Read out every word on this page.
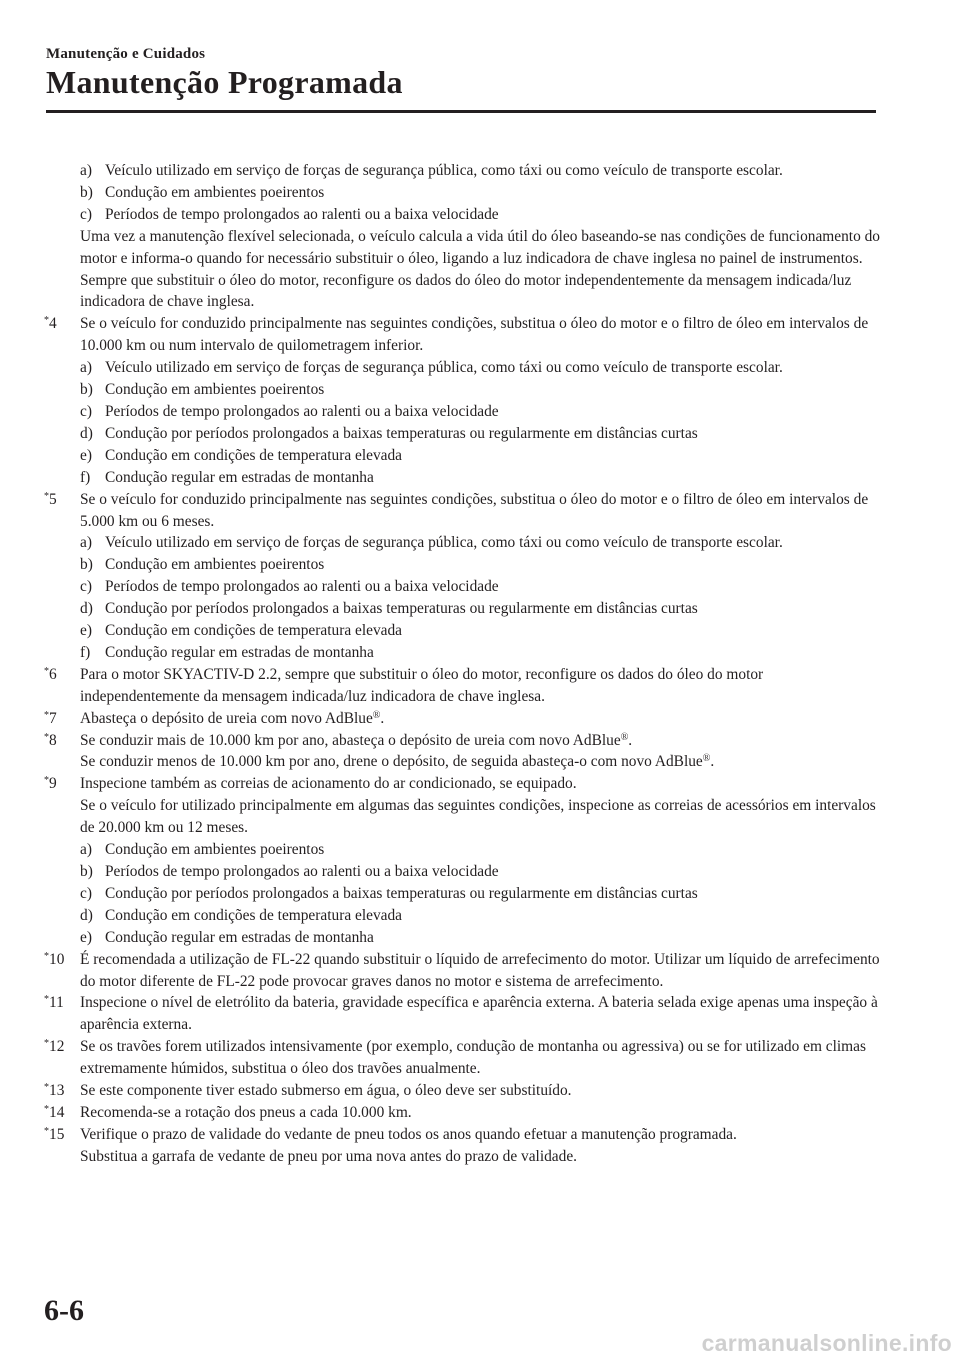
Manutenção e Cuidados
Manutenção Programada
a) Veículo utilizado em serviço de forças de segurança pública, como táxi ou como veículo de transporte escolar.
b) Condução em ambientes poeirentos
c) Períodos de tempo prolongados ao ralenti ou a baixa velocidade
Uma vez a manutenção flexível selecionada, o veículo calcula a vida útil do óleo baseando-se nas condições de funcionamento do motor e informa-o quando for necessário substituir o óleo, ligando a luz indicadora de chave inglesa no painel de instrumentos.
Sempre que substituir o óleo do motor, reconfigure os dados do óleo do motor independentemente da mensagem indicada/luz indicadora de chave inglesa.
*4 Se o veículo for conduzido principalmente nas seguintes condições, substitua o óleo do motor e o filtro de óleo em intervalos de 10.000 km ou num intervalo de quilometragem inferior.
a) Veículo utilizado em serviço de forças de segurança pública, como táxi ou como veículo de transporte escolar.
b) Condução em ambientes poeirentos
c) Períodos de tempo prolongados ao ralenti ou a baixa velocidade
d) Condução por períodos prolongados a baixas temperaturas ou regularmente em distâncias curtas
e) Condução em condições de temperatura elevada
f) Condução regular em estradas de montanha
*5 Se o veículo for conduzido principalmente nas seguintes condições, substitua o óleo do motor e o filtro de óleo em intervalos de 5.000 km ou 6 meses.
a) Veículo utilizado em serviço de forças de segurança pública, como táxi ou como veículo de transporte escolar.
b) Condução em ambientes poeirentos
c) Períodos de tempo prolongados ao ralenti ou a baixa velocidade
d) Condução por períodos prolongados a baixas temperaturas ou regularmente em distâncias curtas
e) Condução em condições de temperatura elevada
f) Condução regular em estradas de montanha
*6 Para o motor SKYACTIV-D 2.2, sempre que substituir o óleo do motor, reconfigure os dados do óleo do motor independentemente da mensagem indicada/luz indicadora de chave inglesa.
*7 Abasteça o depósito de ureia com novo AdBlue®.
*8 Se conduzir mais de 10.000 km por ano, abasteça o depósito de ureia com novo AdBlue®.
Se conduzir menos de 10.000 km por ano, drene o depósito, de seguida abasteça-o com novo AdBlue®.
*9 Inspecione também as correias de acionamento do ar condicionado, se equipado.
Se o veículo for utilizado principalmente em algumas das seguintes condições, inspecione as correias de acessórios em intervalos de 20.000 km ou 12 meses.
a) Condução em ambientes poeirentos
b) Períodos de tempo prolongados ao ralenti ou a baixa velocidade
c) Condução por períodos prolongados a baixas temperaturas ou regularmente em distâncias curtas
d) Condução em condições de temperatura elevada
e) Condução regular em estradas de montanha
*10 É recomendada a utilização de FL-22 quando substituir o líquido de arrefecimento do motor. Utilizar um líquido de arrefecimento do motor diferente de FL-22 pode provocar graves danos no motor e sistema de arrefecimento.
*11 Inspecione o nível de eletrólito da bateria, gravidade específica e aparência externa. A bateria selada exige apenas uma inspeção à aparência externa.
*12 Se os travões forem utilizados intensivamente (por exemplo, condução de montanha ou agressiva) ou se for utilizado em climas extremamente húmidos, substitua o óleo dos travões anualmente.
*13 Se este componente tiver estado submerso em água, o óleo deve ser substituído.
*14 Recomenda-se a rotação dos pneus a cada 10.000 km.
*15 Verifique o prazo de validade do vedante de pneu todos os anos quando efetuar a manutenção programada.
Substitua a garrafa de vedante de pneu por uma nova antes do prazo de validade.
6-6
carmanualsonline.info
